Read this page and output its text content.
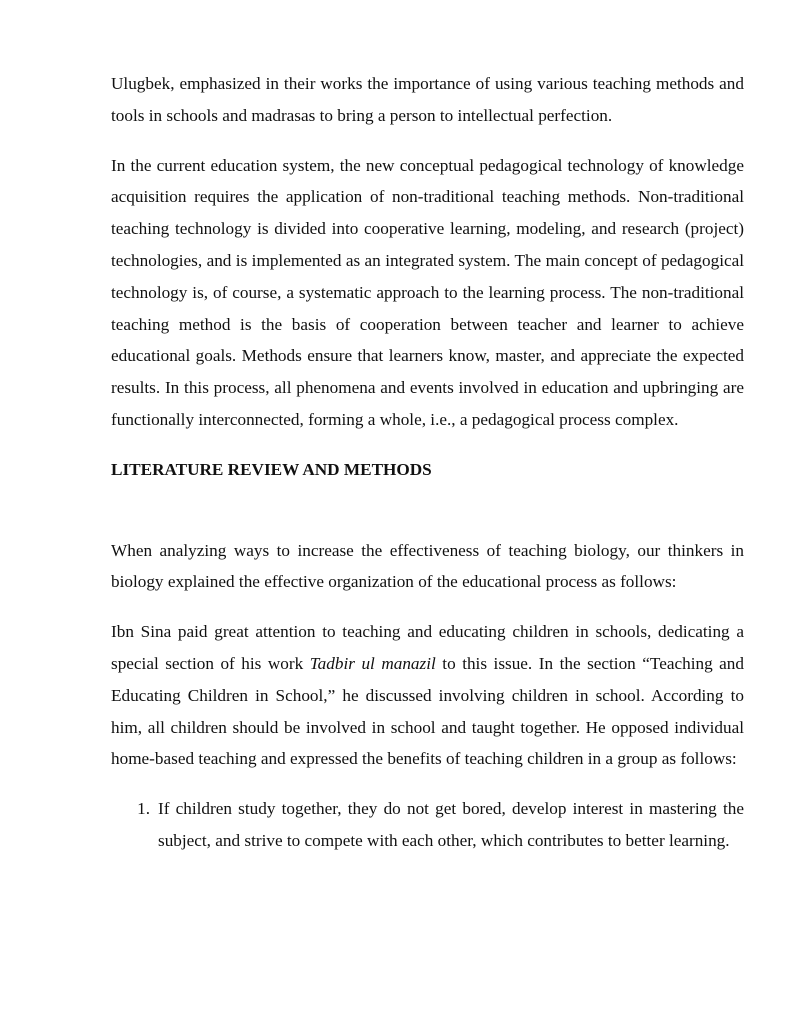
Ulugbek, emphasized in their works the importance of using various teaching methods and tools in schools and madrasas to bring a person to intellectual perfection.

In the current education system, the new conceptual pedagogical technology of knowledge acquisition requires the application of non-traditional teaching methods. Non-traditional teaching technology is divided into cooperative learning, modeling, and research (project) technologies, and is implemented as an integrated system. The main concept of pedagogical technology is, of course, a systematic approach to the learning process. The non-traditional teaching method is the basis of cooperation between teacher and learner to achieve educational goals. Methods ensure that learners know, master, and appreciate the expected results. In this process, all phenomena and events involved in education and upbringing are functionally interconnected, forming a whole, i.e., a pedagogical process complex.

LITERATURE REVIEW AND METHODS

When analyzing ways to increase the effectiveness of teaching biology, our thinkers in biology explained the effective organization of the educational process as follows:

Ibn Sina paid great attention to teaching and educating children in schools, dedicating a special section of his work Tadbir ul manazil to this issue. In the section “Teaching and Educating Children in School,” he discussed involving children in school. According to him, all children should be involved in school and taught together. He opposed individual home-based teaching and expressed the benefits of teaching children in a group as follows:

1. If children study together, they do not get bored, develop interest in mastering the subject, and strive to compete with each other, which contributes to better learning.
